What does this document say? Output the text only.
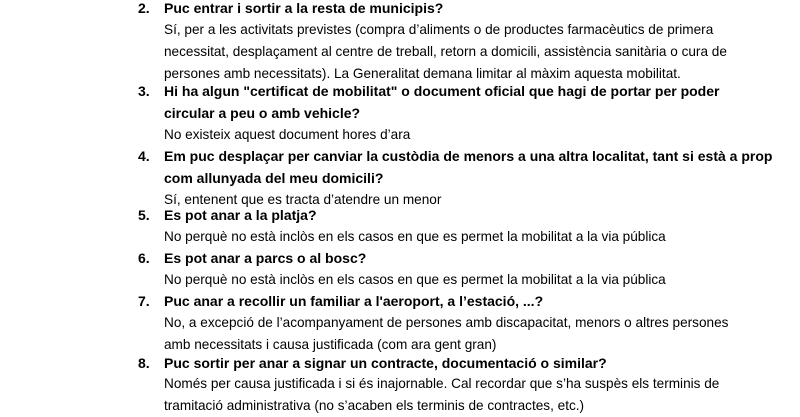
2. Puc entrar i sortir a la resta de municipis?
Sí, per a les activitats previstes (compra d’aliments o de productes farmacèutics de primera
necessitat, desplaçament al centre de treball, retorn a domicili, assistència sanitària o cura de
persones amb necessitats). La Generalitat demana limitar al màxim aquesta mobilitat.
3. Hi ha algun "certificat de mobilitat" o document oficial que hagi de portar per poder
circular a peu o amb vehicle?
No existeix aquest document hores d’ara
4. Em puc desplaçar per canviar la custòdia de menors a una altra localitat, tant si està a prop
com allunyada del meu domicili?
Sí, entenent que es tracta d’atendre un menor
5. Es pot anar a la platja?
No perquè no està inclòs en els casos en que es permet la mobilitat a la via pública
6. Es pot anar a parcs o al bosc?
No perquè no està inclòs en els casos en que es permet la mobilitat a la via pública
7. Puc anar a recollir un familiar a l'aeroport, a l’estació, ...?
No, a excepció de l’acompanyament de persones amb discapacitat, menors o altres persones
amb necessitats i causa justificada (com ara gent gran)
8. Puc sortir per anar a signar un contracte, documentació o similar?
Només per causa justificada i si és inajornable. Cal recordar que s’ha suspès els terminis de
tramitació administrativa (no s’acaben els terminis de contractes, etc.)
